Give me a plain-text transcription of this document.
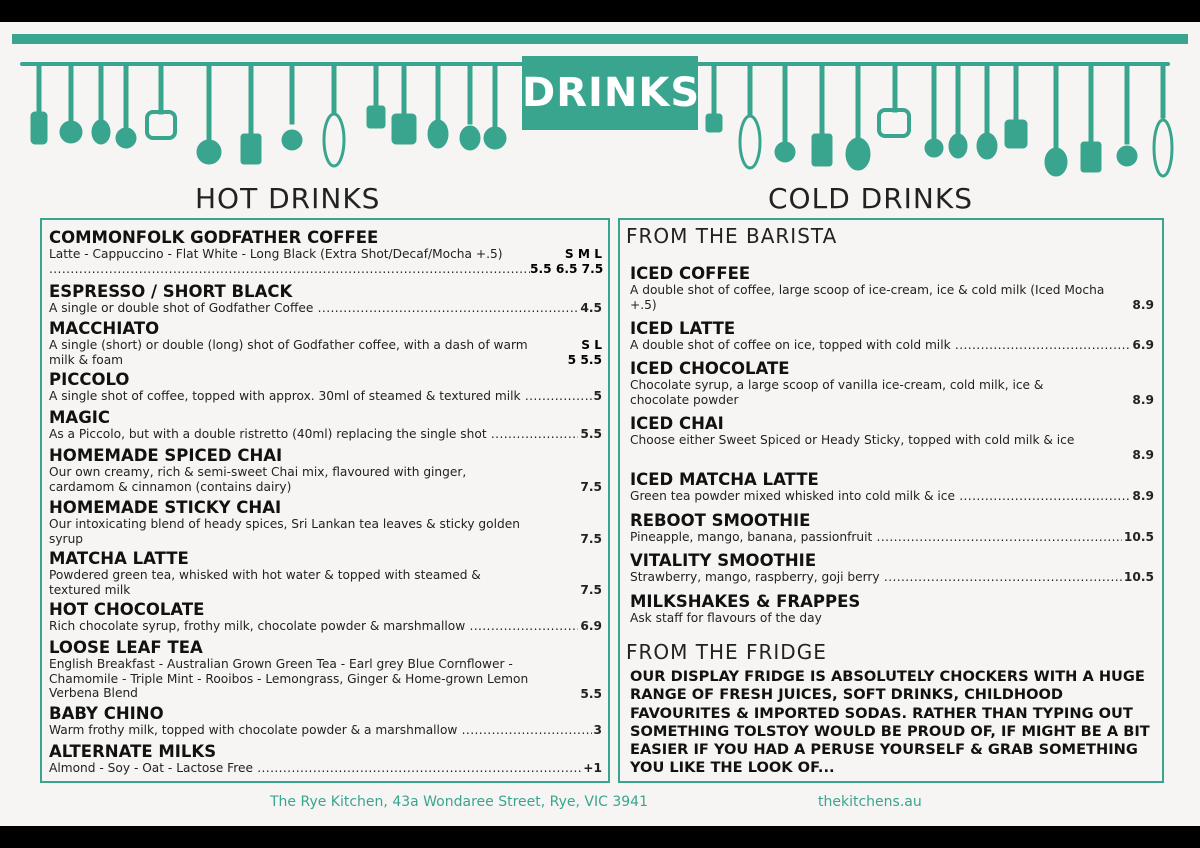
DRINKS
HOT DRINKS	COLD DRINKS
COMMONFOLK GODFATHER COFFEE
Latte - Cappuccino - Flat White - Long Black (Extra Shot/Decaf/Mocha +.5)
.....	S M L
5.5 6.5 7.5
ESPRESSO / SHORT BLACK
A single or double shot of Godfather Coffee .....	4.5
MACCHIATO
A single (short) or double (long) shot of Godfather coffee, with a dash of warm milk & foam
S L
5 5.5
PICCOLO
A single shot of coffee, topped with approx. 30ml of steamed & textured milk .....	5
MAGIC
As a Piccolo, but with a double ristretto (40ml) replacing the single shot .....	5.5
HOMEMADE SPICED CHAI
Our own creamy, rich & semi-sweet Chai mix, flavoured with ginger, cardamom & cinnamon (contains dairy)	7.5
HOMEMADE STICKY CHAI
Our intoxicating blend of heady spices, Sri Lankan tea leaves & sticky golden syrup	7.5
MATCHA LATTE
Powdered green tea, whisked with hot water & topped with steamed & textured milk	7.5
HOT CHOCOLATE
Rich chocolate syrup, frothy milk, chocolate powder & marshmallow .....	6.9
LOOSE LEAF TEA
English Breakfast - Australian Grown Green Tea - Earl grey Blue Cornflower - Chamomile - Triple Mint - Rooibos - Lemongrass, Ginger & Home-grown Lemon Verbena Blend	5.5
BABY CHINO
Warm frothy milk, topped with chocolate powder & a marshmallow .....	3
ALTERNATE MILKS
Almond - Soy - Oat - Lactose Free .....	+1
FROM THE BARISTA
ICED COFFEE
A double shot of coffee, large scoop of ice-cream, ice & cold milk (Iced Mocha +.5)	8.9
ICED LATTE
A double shot of coffee on ice, topped with cold milk .....	6.9
ICED CHOCOLATE
Chocolate syrup, a large scoop of vanilla ice-cream, cold milk, ice & chocolate powder	8.9
ICED CHAI
Choose either Sweet Spiced or Heady Sticky, topped with cold milk & ice
8.9
ICED MATCHA LATTE
Green tea powder mixed whisked into cold milk & ice .....	8.9
REBOOT SMOOTHIE
Pineapple, mango, banana, passionfruit .....	10.5
VITALITY SMOOTHIE
Strawberry, mango, raspberry, goji berry .....	10.5
MILKSHAKES & FRAPPES
Ask staff for flavours of the day
FROM THE FRIDGE
OUR DISPLAY FRIDGE IS ABSOLUTELY CHOCKERS WITH A HUGE RANGE OF FRESH JUICES, SOFT DRINKS, CHILDHOOD FAVOURITES & IMPORTED SODAS. RATHER THAN TYPING OUT SOMETHING TOLSTOY WOULD BE PROUD OF, IF MIGHT BE A BIT EASIER IF YOU HAD A PERUSE YOURSELF & GRAB SOMETHING YOU LIKE THE LOOK OF...
The Rye Kitchen, 43a Wondaree Street, Rye, VIC 3941	thekitchens.au
